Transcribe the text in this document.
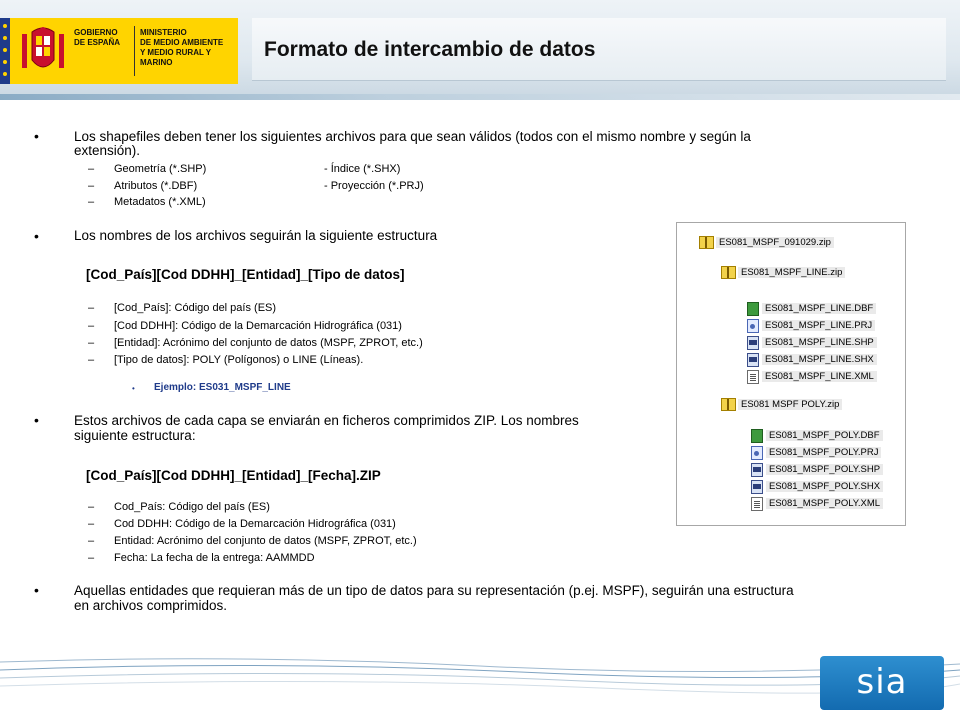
GOBIERNO
DE ESPAÑA
MINISTERIO
DE MEDIO AMBIENTE
Y MEDIO RURAL Y MARINO
Formato de intercambio de datos
•	Los shapefiles deben tener los siguientes archivos para que sean válidos (todos con el mismo nombre y según la
extensión).
– Geometría (*.SHP)	- Índice (*.SHX)
– Atributos (*.DBF)	- Proyección (*.PRJ)
– Metadatos (*.XML)
•	Los nombres de los archivos seguirán la siguiente estructura
[Cod_País][Cod DDHH]_[Entidad]_[Tipo de datos]
– [Cod_País]: Código del país (ES)
– [Cod DDHH]: Código de la Demarcación Hidrográfica (031)
– [Entidad]: Acrónimo del conjunto de datos (MSPF, ZPROT, etc.)
– [Tipo de datos]: POLY (Polígonos) o LINE (Líneas).
• Ejemplo: ES031_MSPF_LINE
•	Estos archivos de cada capa se enviarán en ficheros comprimidos ZIP. Los nombres
siguiente estructura:
[Cod_País][Cod DDHH]_[Entidad]_[Fecha].ZIP
– Cod_País: Código del país (ES)
– Cod DDHH: Código de la Demarcación Hidrográfica (031)
– Entidad: Acrónimo del conjunto de datos (MSPF, ZPROT, etc.)
– Fecha: La fecha de la entrega: AAMMDD
•	Aquellas entidades que requieran más de un tipo de datos para su representación (p.ej. MSPF), seguirán una estructura
en archivos comprimidos.
ES081_MSPF_091029.zip
ES081_MSPF_LINE.zip
ES081_MSPF_LINE.DBF
ES081_MSPF_LINE.PRJ
ES081_MSPF_LINE.SHP
ES081_MSPF_LINE.SHX
ES081_MSPF_LINE.XML
ES081 MSPF POLY.zip
ES081_MSPF_POLY.DBF
ES081_MSPF_POLY.PRJ
ES081_MSPF_POLY.SHP
ES081_MSPF_POLY.SHX
ES081_MSPF_POLY.XML
sia
